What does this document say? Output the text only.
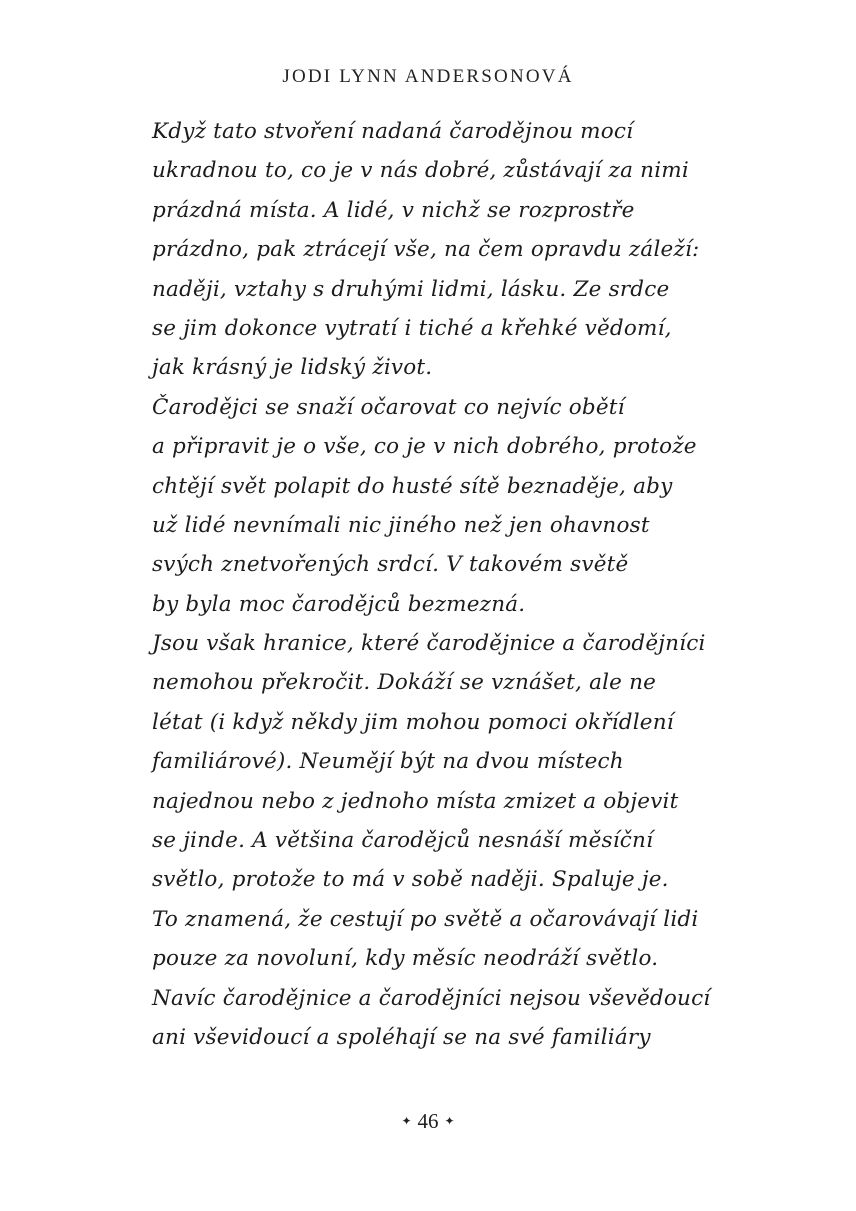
JODI LYNN ANDERSONOVÁ
Když tato stvoření nadaná čarodějnou mocí
ukradnou to, co je v nás dobré, zůstávají za nimi
prázdná místa. A lidé, v nichž se rozprostře
prázdno, pak ztrácejí vše, na čem opravdu záleží:
naději, vztahy s druhými lidmi, lásku. Ze srdce
se jim dokonce vytratí i tiché a křehké vědomí,
jak krásný je lidský život.
Čarodějci se snaží očarovat co nejvíc obětí
a připravit je o vše, co je v nich dobrého, protože
chtějí svět polapit do husté sítě beznaděje, aby
už lidé nevnímali nic jiného než jen ohavnost
svých znetvořených srdcí. V takovém světě
by byla moc čarodějců bezmezná.
Jsou však hranice, které čarodějnice a čarodějníci
nemohou překročit. Dokáží se vznášet, ale ne
létat (i když někdy jim mohou pomoci okřídlení
familiárové). Neumějí být na dvou místech
najednou nebo z jednoho místa zmizet a objevit
se jinde. A většina čarodějců nesnáší měsíční
světlo, protože to má v sobě naději. Spaluje je.
To znamená, že cestují po světě a očarovávají lidi
pouze za novoluní, kdy měsíc neodráží světlo.
Navíc čarodějnice a čarodějníci nejsou vševědoucí
ani vševidoucí a spoléhají se na své familiáry
✦ 46 ✦
